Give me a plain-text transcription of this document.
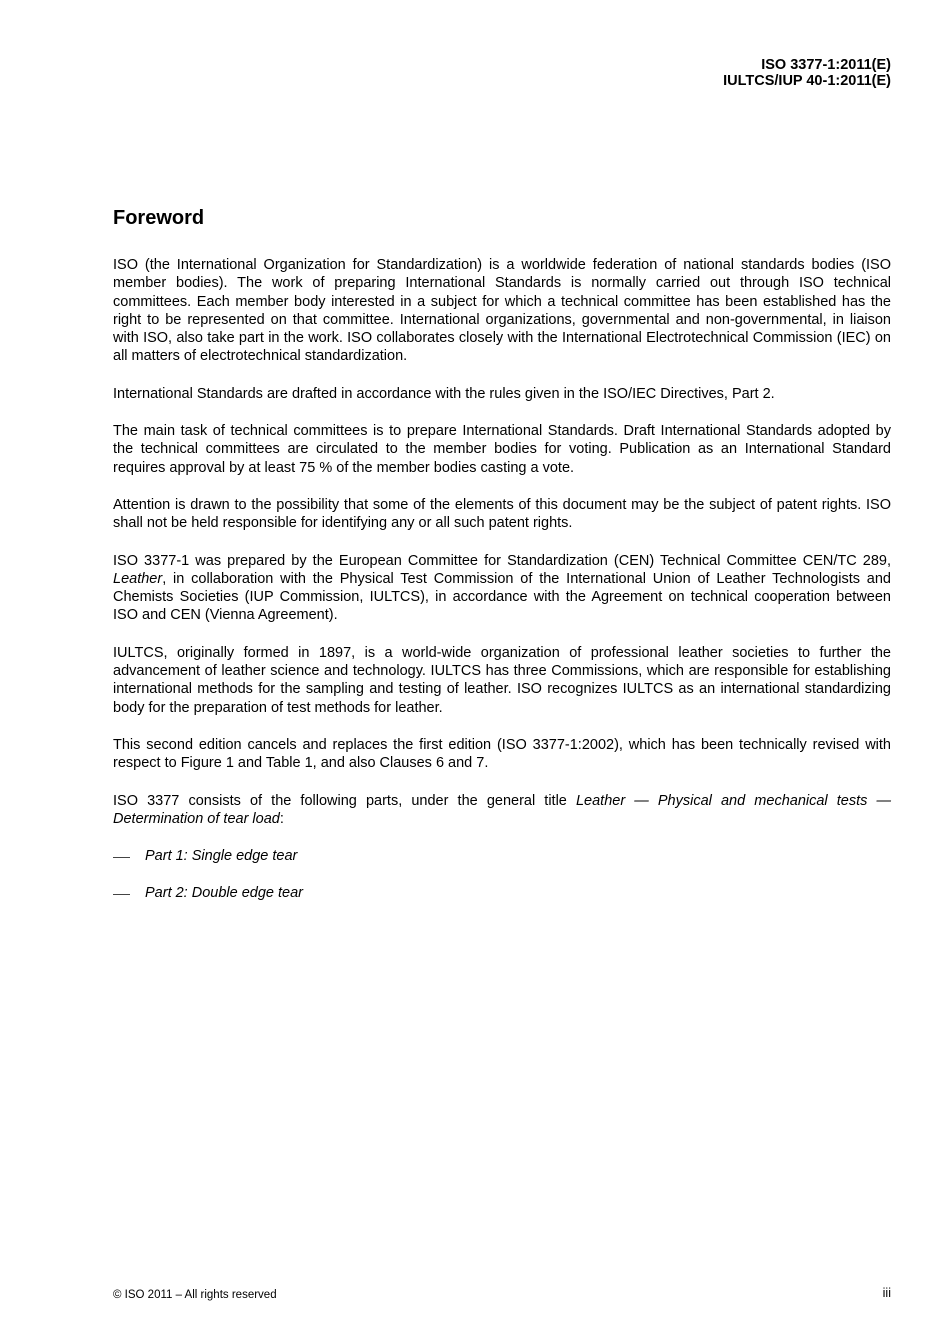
ISO 3377-1:2011(E)
IULTCS/IUP 40-1:2011(E)
Foreword

ISO (the International Organization for Standardization) is a worldwide federation of national standards bodies (ISO member bodies). The work of preparing International Standards is normally carried out through ISO technical committees. Each member body interested in a subject for which a technical committee has been established has the right to be represented on that committee. International organizations, governmental and non-governmental, in liaison with ISO, also take part in the work. ISO collaborates closely with the International Electrotechnical Commission (IEC) on all matters of electrotechnical standardization.

International Standards are drafted in accordance with the rules given in the ISO/IEC Directives, Part 2.

The main task of technical committees is to prepare International Standards. Draft International Standards adopted by the technical committees are circulated to the member bodies for voting. Publication as an International Standard requires approval by at least 75 % of the member bodies casting a vote.

Attention is drawn to the possibility that some of the elements of this document may be the subject of patent rights. ISO shall not be held responsible for identifying any or all such patent rights.

ISO 3377-1 was prepared by the European Committee for Standardization (CEN) Technical Committee CEN/TC 289, Leather, in collaboration with the Physical Test Commission of the International Union of Leather Technologists and Chemists Societies (IUP Commission, IULTCS), in accordance with the Agreement on technical cooperation between ISO and CEN (Vienna Agreement).

IULTCS, originally formed in 1897, is a world-wide organization of professional leather societies to further the advancement of leather science and technology. IULTCS has three Commissions, which are responsible for establishing international methods for the sampling and testing of leather. ISO recognizes IULTCS as an international standardizing body for the preparation of test methods for leather.

This second edition cancels and replaces the first edition (ISO 3377-1:2002), which has been technically revised with respect to Figure 1 and Table 1, and also Clauses 6 and 7.

ISO 3377 consists of the following parts, under the general title Leather — Physical and mechanical tests — Determination of tear load:

Part 1: Single edge tear
Part 2: Double edge tear
© ISO 2011 – All rights reserved	iii
